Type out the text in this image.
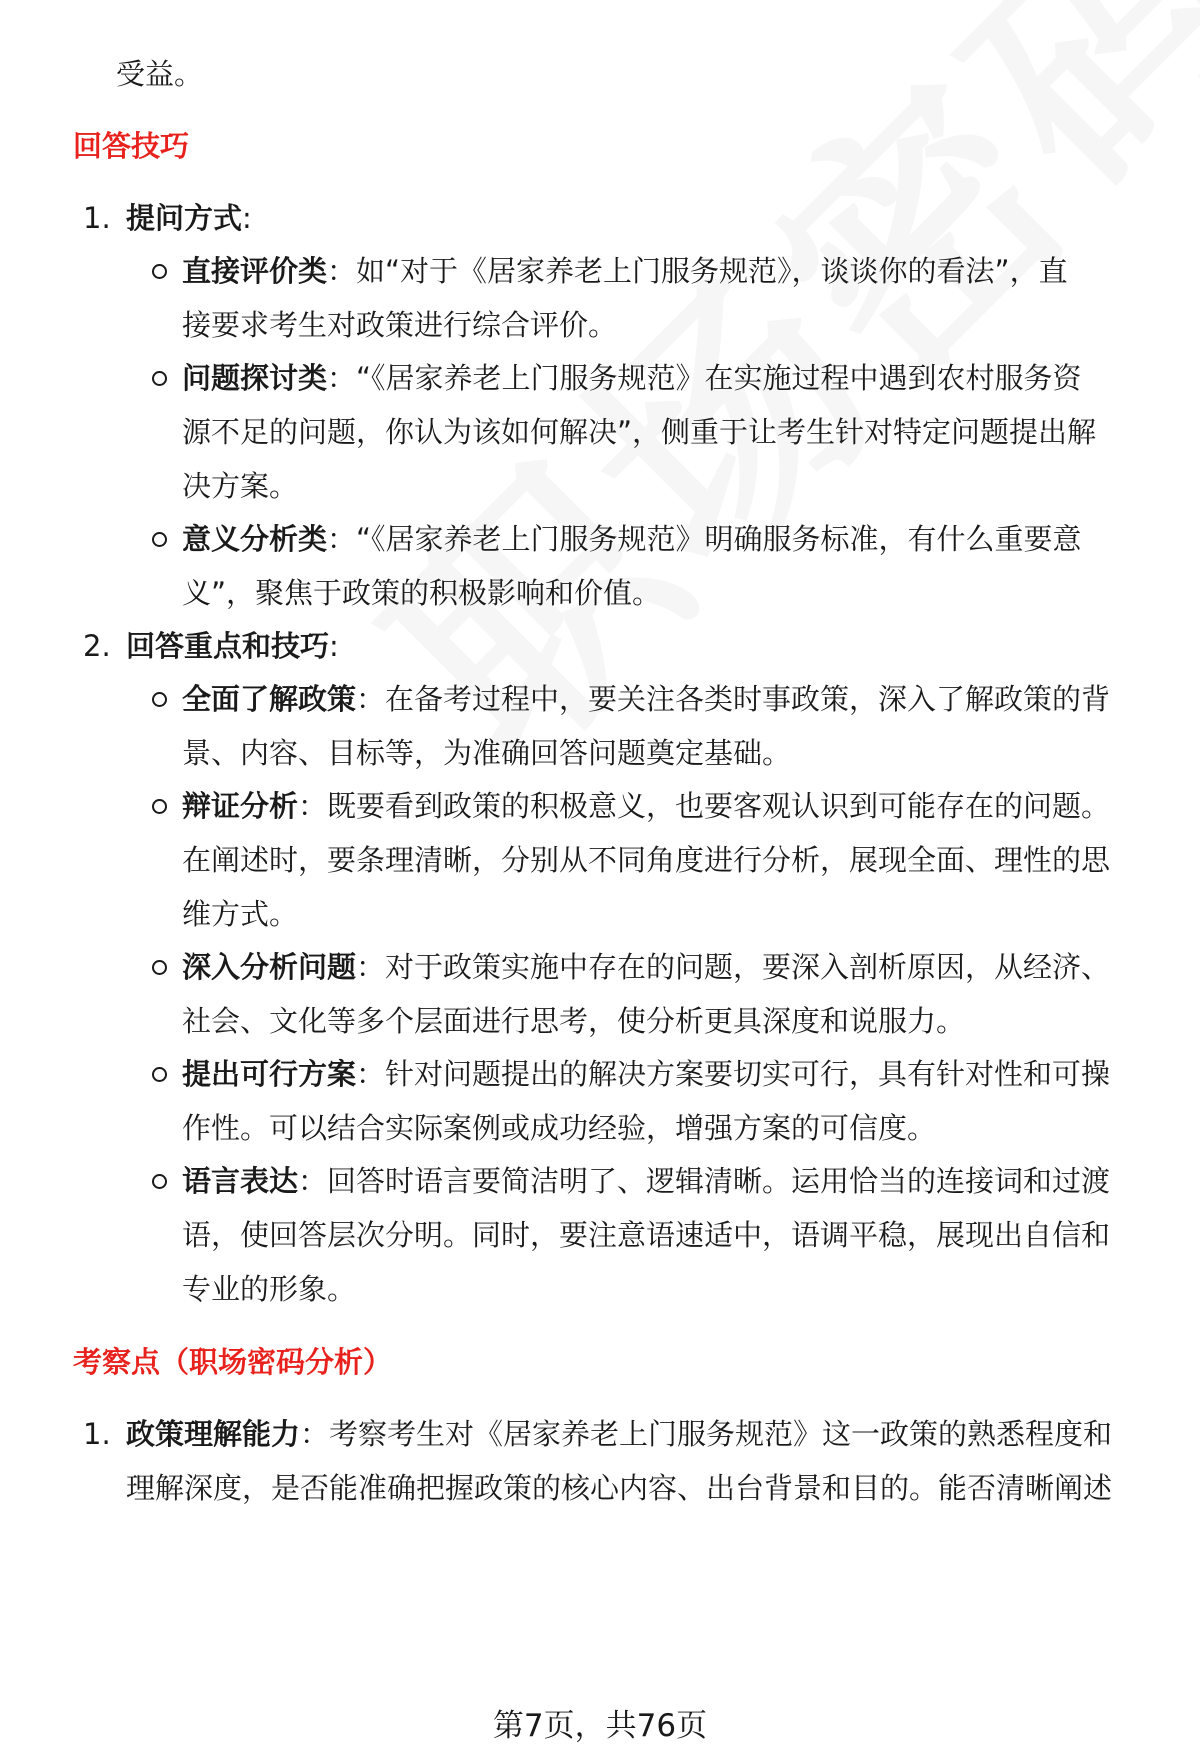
受益。
回答技巧
1. 提问方式:
直接评价类：如“对于《居家养老上门服务规范》，谈谈你的看法”，直
接要求考生对政策进行综合评价。
问题探讨类：“《居家养老上门服务规范》在实施过程中遇到农村服务资
源不足的问题，你认为该如何解决”，侧重于让考生针对特定问题提出解
决方案。
意义分析类：“《居家养老上门服务规范》明确服务标准，有什么重要意
义”，聚焦于政策的积极影响和价值。
2. 回答重点和技巧:
全面了解政策：在备考过程中，要关注各类时事政策，深入了解政策的背
景、内容、目标等，为准确回答问题奠定基础。
辩证分析：既要看到政策的积极意义，也要客观认识到可能存在的问题。
在阐述时，要条理清晰，分别从不同角度进行分析，展现全面、理性的思
维方式。
深入分析问题：对于政策实施中存在的问题，要深入剖析原因，从经济、
社会、文化等多个层面进行思考，使分析更具深度和说服力。
提出可行方案：针对问题提出的解决方案要切实可行，具有针对性和可操
作性。可以结合实际案例或成功经验，增强方案的可信度。
语言表达：回答时语言要简洁明了、逻辑清晰。运用恰当的连接词和过渡
语，使回答层次分明。同时，要注意语速适中，语调平稳，展现出自信和
专业的形象。
考察点（职场密码分析）
1. 政策理解能力：考察考生对《居家养老上门服务规范》这一政策的熟悉程度和
理解深度，是否能准确把握政策的核心内容、出台背景和目的。能否清晰阐述
第7页，共76页
